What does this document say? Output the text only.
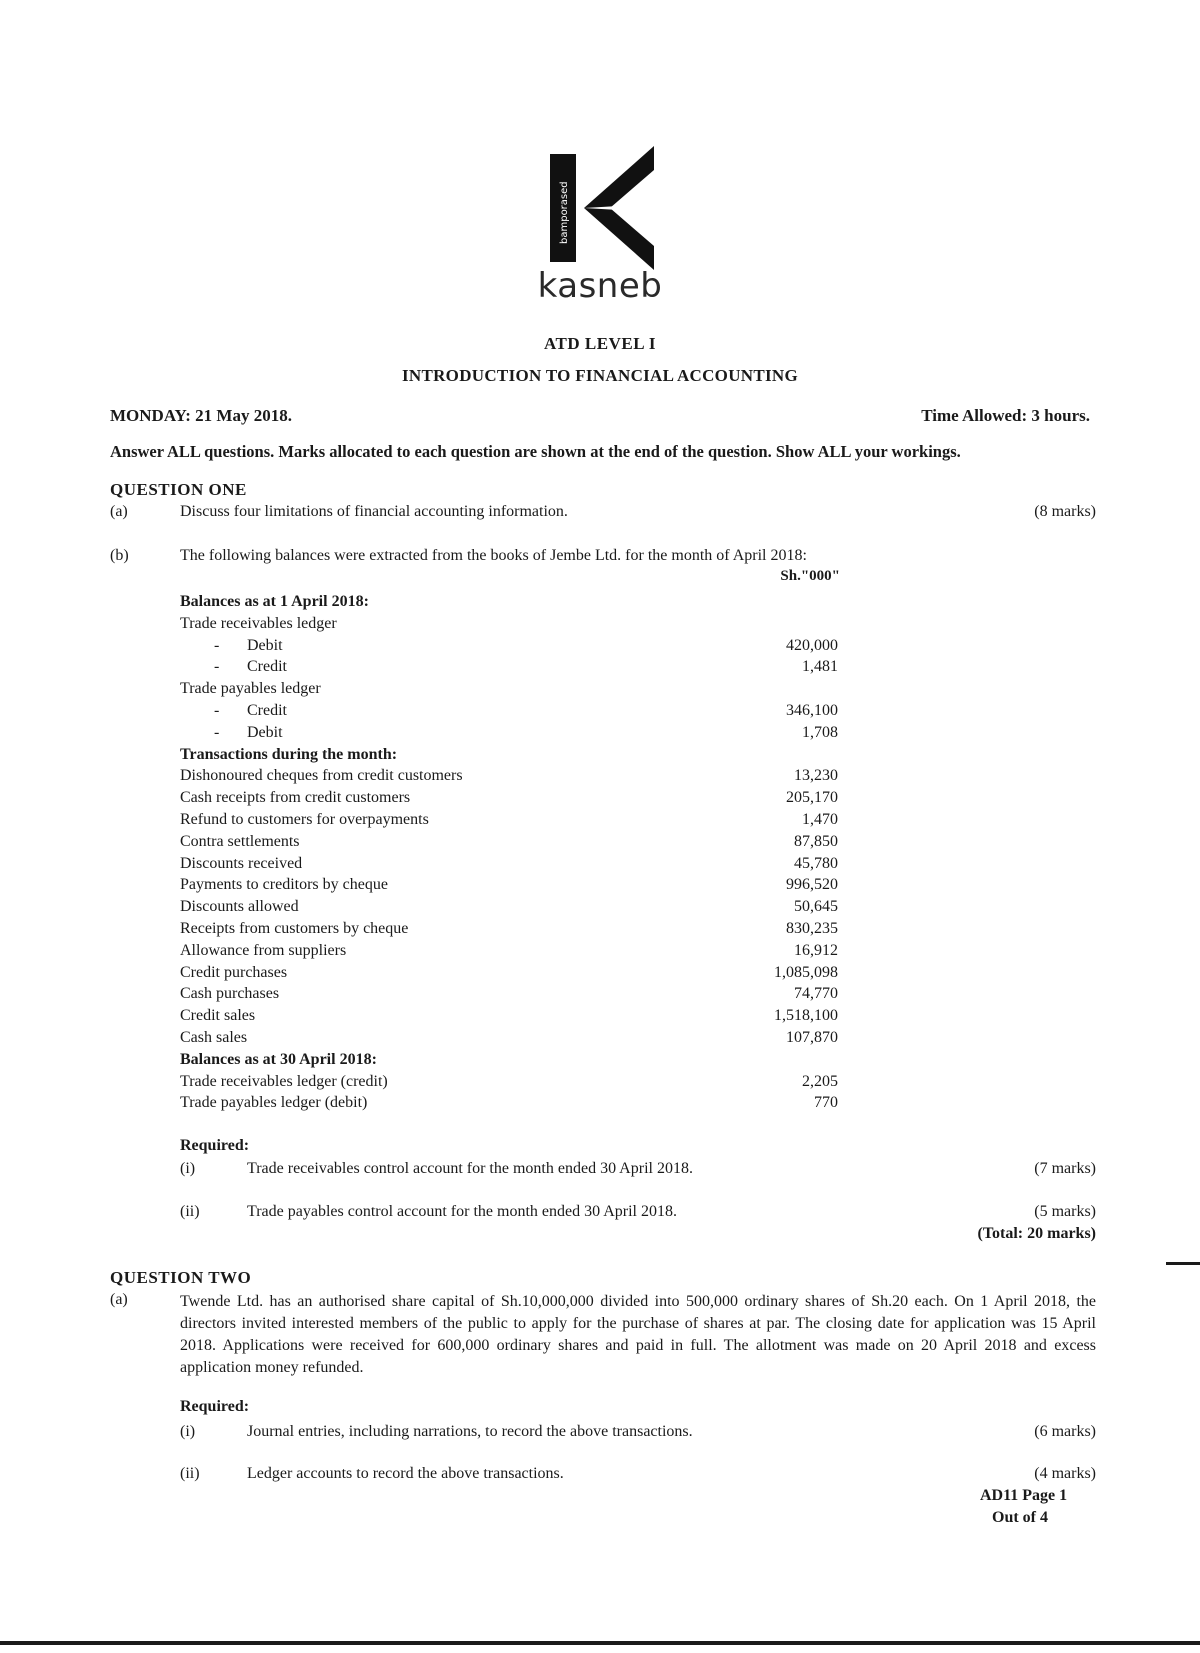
bamporased
kasneb
ATD LEVEL I
INTRODUCTION TO FINANCIAL ACCOUNTING
MONDAY: 21 May 2018.	Time Allowed: 3 hours.
Answer ALL questions. Marks allocated to each question are shown at the end of the question. Show ALL your workings.
QUESTION ONE
(a)	Discuss four limitations of financial accounting information.	(8 marks)
(b)	The following balances were extracted from the books of Jembe Ltd. for the month of April 2018:
Sh."000"
Balances as at 1 April 2018:
Trade receivables ledger
- Debit	420,000
- Credit	1,481
Trade payables ledger
- Credit	346,100
- Debit	1,708
Transactions during the month:
Dishonoured cheques from credit customers	13,230
Cash receipts from credit customers	205,170
Refund to customers for overpayments	1,470
Contra settlements	87,850
Discounts received	45,780
Payments to creditors by cheque	996,520
Discounts allowed	50,645
Receipts from customers by cheque	830,235
Allowance from suppliers	16,912
Credit purchases	1,085,098
Cash purchases	74,770
Credit sales	1,518,100
Cash sales	107,870
Balances as at 30 April 2018:
Trade receivables ledger (credit)	2,205
Trade payables ledger (debit)	770
Required:
(i)	Trade receivables control account for the month ended 30 April 2018.	(7 marks)
(ii)	Trade payables control account for the month ended 30 April 2018.	(5 marks)
(Total: 20 marks)
QUESTION TWO
(a)	Twende Ltd. has an authorised share capital of Sh.10,000,000 divided into 500,000 ordinary shares of Sh.20 each. On 1 April 2018, the directors invited interested members of the public to apply for the purchase of shares at par. The closing date for application was 15 April 2018. Applications were received for 600,000 ordinary shares and paid in full. The allotment was made on 20 April 2018 and excess application money refunded.
Required:
(i)	Journal entries, including narrations, to record the above transactions.	(6 marks)
(ii)	Ledger accounts to record the above transactions.	(4 marks)
AD11 Page 1
Out of 4
